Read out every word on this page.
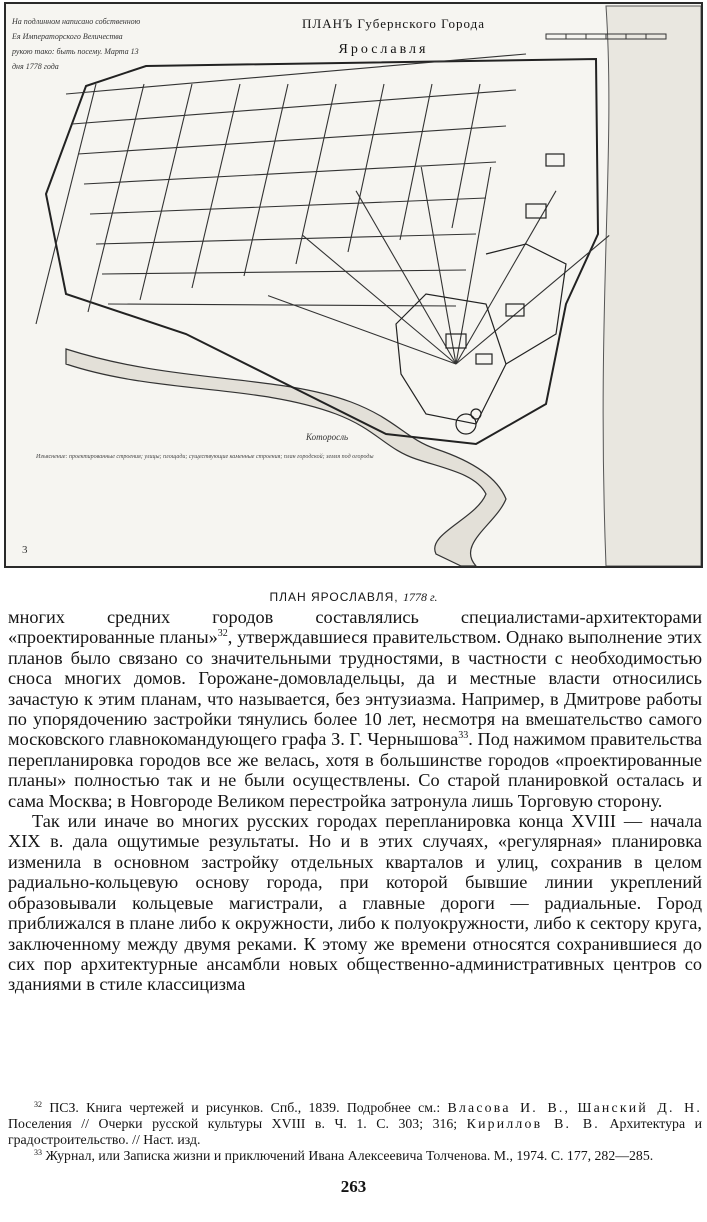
ПЛАНЪ Губернского Города
Ярославля
На подлинном написано собственною Ея Императорского Величества рукою тако: быть посему. Марта 13 дня 1778 года
Которосль
Изъяснение: проектированные строения; улицы; площади; существующие каменные строения; план городской; земля под огороды
3
ПЛАН ЯРОСЛАВЛЯ, 1778 г.

многих средних городов составлялись специалистами-архитекторами «проектированные планы»$^{32}$, утверждавшиеся правительством. Однако выполнение этих планов было связано со значительными трудностями, в частности с необходимостью сноса многих домов. Горожане-домовладельцы, да и местные власти относились зачастую к этим планам, что называется, без энтузиазма. Например, в Дмитрове работы по упорядочению застройки тянулись более 10 лет, несмотря на вмешательство самого московского главнокомандующего графа З. Г. Чернышова$^{33}$. Под нажимом правительства перепланировка городов все же велась, хотя в большинстве городов «проектированные планы» полностью так и не были осуществлены. Со старой планировкой осталась и сама Москва; в Новгороде Великом перестройка затронула лишь Торговую сторону.

Так или иначе во многих русских городах перепланировка конца XVIII — начала XIX в. дала ощутимые результаты. Но и в этих случаях, «регулярная» планировка изменила в основном застройку отдельных кварталов и улиц, сохранив в целом радиально-кольцевую основу города, при которой бывшие линии укреплений образовывали кольцевые магистрали, а главные дороги — радиальные. Город приближался в плане либо к окружности, либо к полуокружности, либо к сектору круга, заключенному между двумя реками. К этому же времени относятся сохранившиеся до сих пор архитектурные ансамбли новых общественно-административных центров со зданиями в стиле классицизма

$^{32}$ ПСЗ. Книга чертежей и рисунков. Спб., 1839. Подробнее см.: Власова И. В., Шанский Д. Н. Поселения // Очерки русской культуры XVIII в. Ч. 1. С. 303; 316; Кириллов В. В. Архитектура и градостроительство. // Наст. изд.

$^{33}$ Журнал, или Записка жизни и приключений Ивана Алексеевича Толченова. М., 1974. С. 177, 282—285.

263
